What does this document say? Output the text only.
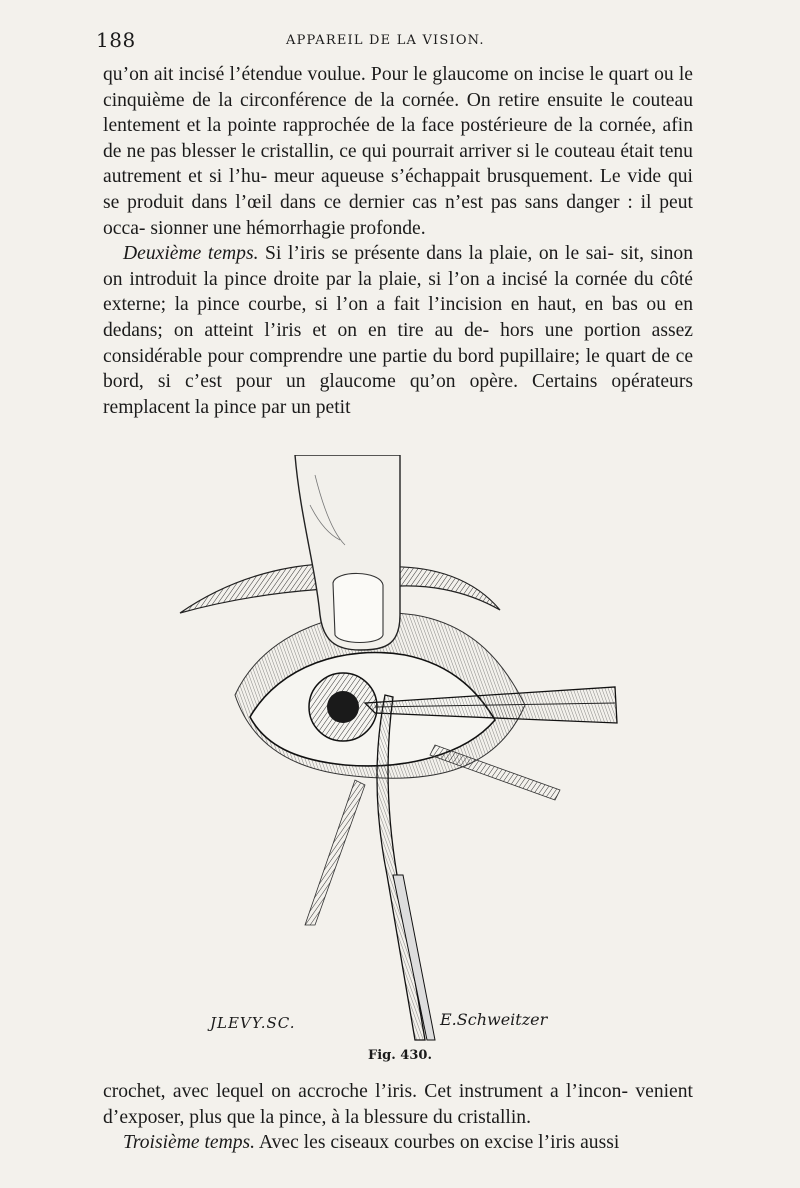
188	APPAREIL DE LA VISION.

qu’on ait incisé l’étendue voulue. Pour le glaucome on incise le quart ou le cinquième de la circonférence de la cornée. On retire ensuite le couteau lentement et la pointe rapprochée de la face postérieure de la cornée, afin de ne pas blesser le cristallin, ce qui pourrait arriver si le couteau était tenu autrement et si l’hu- meur aqueuse s’échappait brusquement. Le vide qui se produit dans l’œil dans ce dernier cas n’est pas sans danger : il peut occa- sionner une hémorrhagie profonde.

Deuxième temps. Si l’iris se présente dans la plaie, on le sai- sit, sinon on introduit la pince droite par la plaie, si l’on a incisé la cornée du côté externe; la pince courbe, si l’on a fait l’incision en haut, en bas ou en dedans; on atteint l’iris et on en tire au de- hors une portion assez considérable pour comprendre une partie du bord pupillaire; le quart de ce bord, si c’est pour un glaucome qu’on opère. Certains opérateurs remplacent la pince par un petit

JLEVY.SC.	E.Schweitzer
Fig. 430.

crochet, avec lequel on accroche l’iris. Cet instrument a l’incon- venient d’exposer, plus que la pince, à la blessure du cristallin.

Troisième temps. Avec les ciseaux courbes on excise l’iris aussi
